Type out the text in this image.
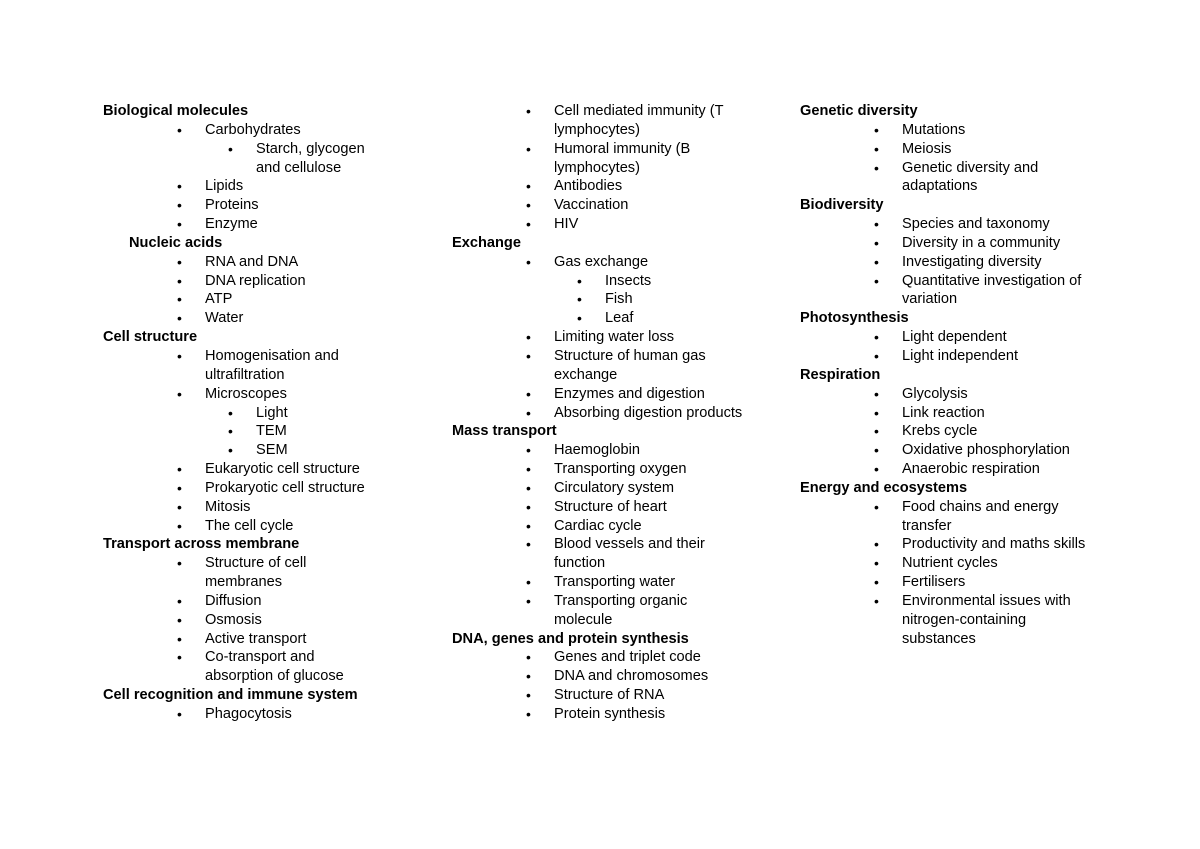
Biological molecules
• Carbohydrates
• Starch, glycogen and cellulose
• Lipids
• Proteins
• Enzyme
Nucleic acids
• RNA and DNA
• DNA replication
• ATP
• Water
Cell structure
• Homogenisation and ultrafiltration
• Microscopes
• Light
• TEM
• SEM
• Eukaryotic cell structure
• Prokaryotic cell structure
• Mitosis
• The cell cycle
Transport across membrane
• Structure of cell membranes
• Diffusion
• Osmosis
• Active transport
• Co-transport and absorption of glucose
Cell recognition and immune system
• Phagocytosis
• Cell mediated immunity (T lymphocytes)
• Humoral immunity (B lymphocytes)
• Antibodies
• Vaccination
• HIV
Exchange
• Gas exchange
• Insects
• Fish
• Leaf
• Limiting water loss
• Structure of human gas exchange
• Enzymes and digestion
• Absorbing digestion products
Mass transport
• Haemoglobin
• Transporting oxygen
• Circulatory system
• Structure of heart
• Cardiac cycle
• Blood vessels and their function
• Transporting water
• Transporting organic molecule
DNA, genes and protein synthesis
• Genes and triplet code
• DNA and chromosomes
• Structure of RNA
• Protein synthesis
Genetic diversity
• Mutations
• Meiosis
• Genetic diversity and adaptations
Biodiversity
• Species and taxonomy
• Diversity in a community
• Investigating diversity
• Quantitative investigation of variation
Photosynthesis
• Light dependent
• Light independent
Respiration
• Glycolysis
• Link reaction
• Krebs cycle
• Oxidative phosphorylation
• Anaerobic respiration
Energy and ecosystems
• Food chains and energy transfer
• Productivity and maths skills
• Nutrient cycles
• Fertilisers
• Environmental issues with nitrogen-containing substances
